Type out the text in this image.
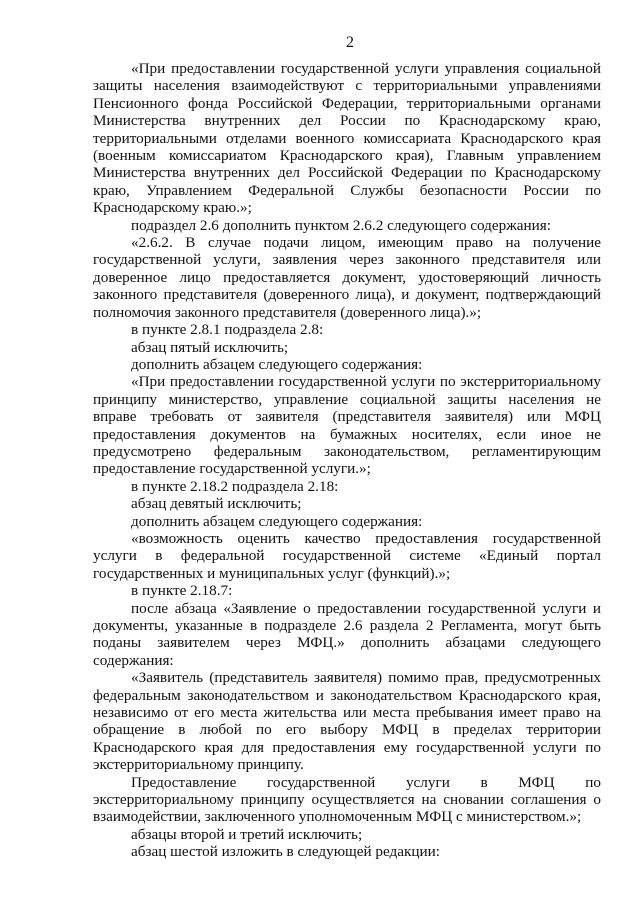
2

«При предоставлении государственной услуги управления социальной защиты населения взаимодействуют с территориальными управлениями Пенсионного фонда Российской Федерации, территориальными органами Министерства внутренних дел России по Краснодарскому краю, территориальными отделами военного комиссариата Краснодарского края (военным комиссариатом Краснодарского края), Главным управлением Министерства внутренних дел Российской Федерации по Краснодарскому краю, Управлением Федеральной Службы безопасности России по Краснодарскому краю.»;

подраздел 2.6 дополнить пунктом 2.6.2 следующего содержания:

«2.6.2. В случае подачи лицом, имеющим право на получение государственной услуги, заявления через законного представителя или доверенное лицо предоставляется документ, удостоверяющий личность законного представителя (доверенного лица), и документ, подтверждающий полномочия законного представителя (доверенного лица).»;

в пункте 2.8.1 подраздела 2.8:

абзац пятый исключить;

дополнить абзацем следующего содержания:

«При предоставлении государственной услуги по экстерриториальному принципу министерство, управление социальной защиты населения не вправе требовать от заявителя (представителя заявителя) или МФЦ предоставления документов на бумажных носителях, если иное не предусмотрено федеральным законодательством, регламентирующим предоставление государственной услуги.»;

в пункте 2.18.2 подраздела 2.18:

абзац девятый исключить;

дополнить абзацем следующего содержания:

«возможность оценить качество предоставления государственной услуги в федеральной государственной системе «Единый портал государственных и муниципальных услуг (функций).»;

в пункте 2.18.7:

после абзаца «Заявление о предоставлении государственной услуги и документы, указанные в подразделе 2.6 раздела 2 Регламента, могут быть поданы заявителем через МФЦ.» дополнить абзацами следующего содержания:

«Заявитель (представитель заявителя) помимо прав, предусмотренных федеральным законодательством и законодательством Краснодарского края, независимо от его места жительства или места пребывания имеет право на обращение в любой по его выбору МФЦ в пределах территории Краснодарского края для предоставления ему государственной услуги по экстерриториальному принципу.

Предоставление государственной услуги в МФЦ по экстерриториальному принципу осуществляется на сновании соглашения о взаимодействии, заключенного уполномоченным МФЦ с министерством.»;

абзацы второй и третий исключить;

абзац шестой изложить в следующей редакции:
